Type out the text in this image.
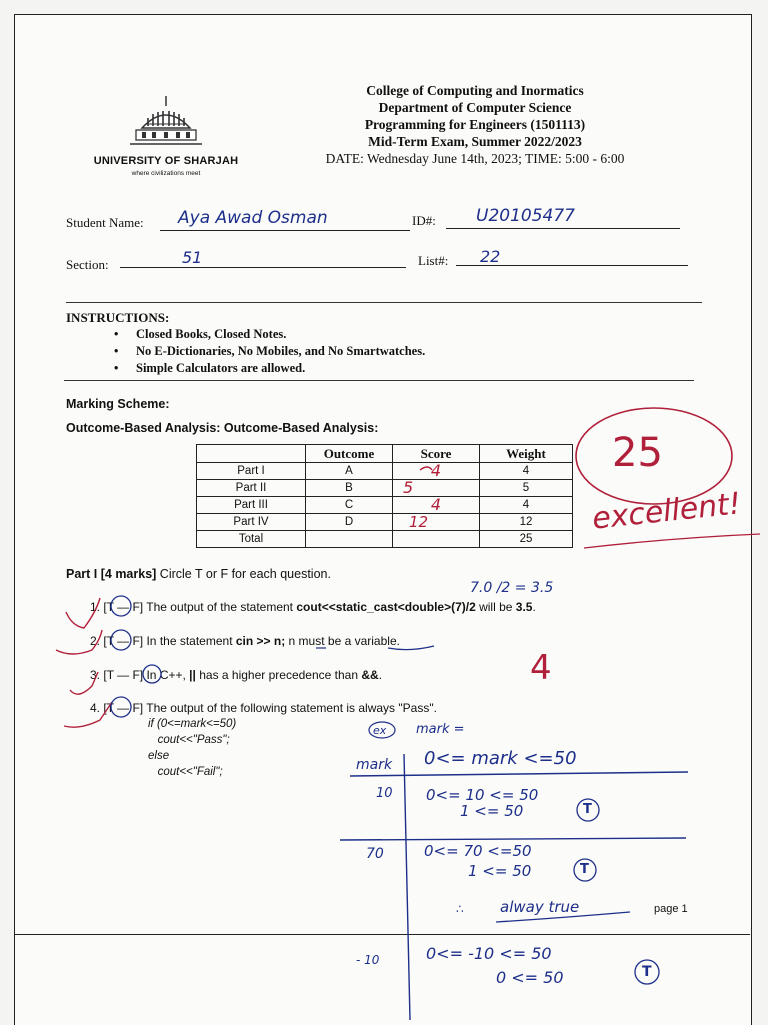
UNIVERSITY OF SHARJAH
where civilizations meet
College of Computing and Inormatics
Department of Computer Science
Programming for Engineers (1501113)
Mid-Term Exam, Summer 2022/2023
DATE: Wednesday June 14th, 2023; TIME: 5:00 - 6:00
Student Name: Aya Awad Osman	ID#: U20105477
Section:	51	List#: 22
INSTRUCTIONS:
• Closed Books, Closed Notes.
• No E-Dictionaries, No Mobiles, and No Smartwatches.
• Simple Calculators are allowed.
Marking Scheme:
Outcome-Based Analysis: Outcome-Based Analysis:
	Outcome	Score	Weight
Part I	A	4	4
Part II	B	5	5
Part III	C	4	4
Part IV	D	12	12
Total			25
25
excellent!
Part I [4 marks] Circle T or F for each question.
1. [T — F] The output of the statement cout<<static_cast<double>(7)/2 will be 3.5.
2. [T — F] In the statement cin >> n; n must be a variable.
3. [T — F] In C++, || has a higher precedence than &&.
4. [T — F] The output of the following statement is always "Pass".
if (0<=mark<=50)
cout<<"Pass";
else
cout<<"Fail";
4
7.0 /2 = 3.5
ex mark =
mark 0<= mark <=50
10 0<= 10 <= 50
1 <= 50
70	0<= 70 <=50
1 <= 50
∴ alway true
- 10	0<= -10 <= 50
0 <= 50
T
T
T
page 1
